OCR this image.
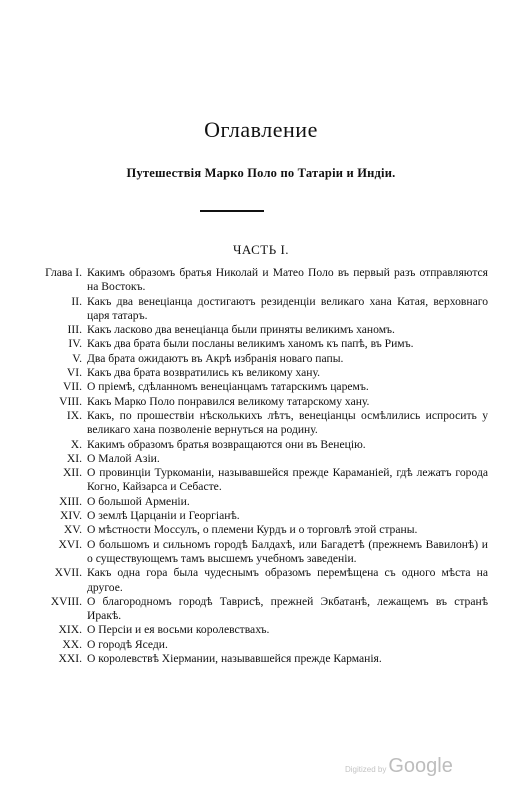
Оглавление
Путешествія Марко Поло по Татаріи и Индіи.
ЧАСТЬ I.
Глава I. Какимъ образомъ братья Николай и Матео Поло въ первый разъ отправляются на Востокъ.
II. Какъ два венеціанца достигаютъ резиденціи великаго хана Катая, верховнаго царя татаръ.
III. Какъ ласково два венеціанца были приняты великимъ ханомъ.
IV. Какъ два брата были посланы великимъ ханомъ къ папѣ, въ Римъ.
V. Два брата ожидаютъ въ Акрѣ избранія новаго папы.
VI. Какъ два брата возвратились къ великому хану.
VII. О пріемѣ, сдѣланномъ венеціанцамъ татарскимъ царемъ.
VIII. Какъ Марко Поло понравился великому татарскому хану.
IX. Какъ, по прошествіи нѣсколькихъ лѣтъ, венеціанцы осмѣлились испросить у великаго хана позволеніе вернуться на родину.
X. Какимъ образомъ братья возвращаются они въ Венецію.
XI. О Малой Азіи.
XII. О провинціи Туркоманіи, называвшейся прежде Караманіей, гдѣ лежатъ города Когно, Кайзарса и Себасте.
XIII. О большой Арменіи.
XIV. О землѣ Царцаніи и Георгіанѣ.
XV. О мѣстности Моссулъ, о племени Курдъ и о торговлѣ этой страны.
XVI. О большомъ и сильномъ городѣ Балдахѣ, или Багадетѣ (прежнемъ Вавилонѣ) и о существующемъ тамъ высшемъ учебномъ заведеніи.
XVII. Какъ одна гора была чудеснымъ образомъ перемѣщена съ одного мѣста на другое.
XVIII. О благородномъ городѣ Таврисѣ, прежней Экбатанѣ, лежащемъ въ странѣ Иракѣ.
XIX. О Персіи и ея восьми королевствахъ.
XX. О городѣ Яседи.
XXI. О королевствѣ Хіермании, называвшейся прежде Карманія.
Digitized by Google
